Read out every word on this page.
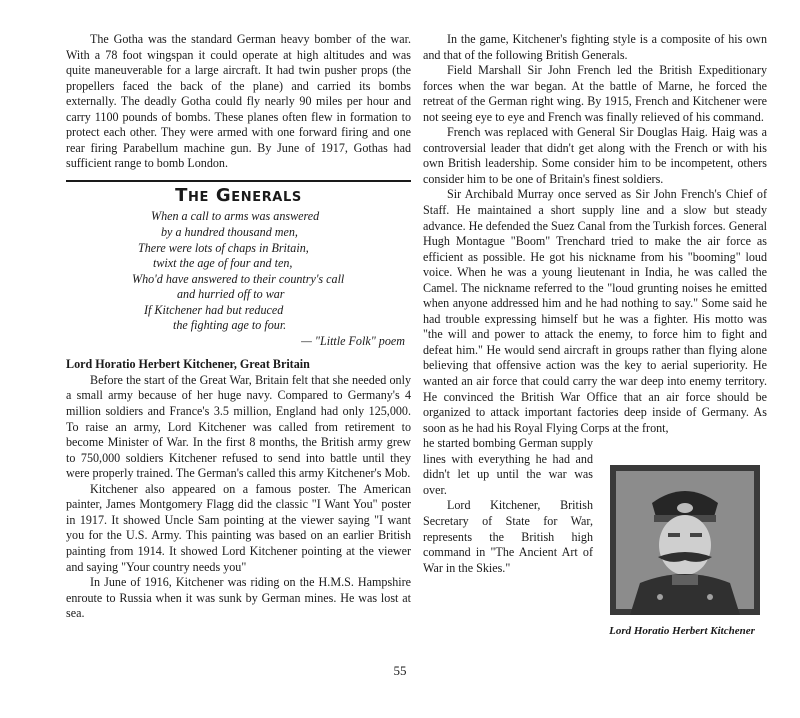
The Gotha was the standard German heavy bomber of the war. With a 78 foot wingspan it could operate at high altitudes and was quite maneuverable for a large aircraft. It had twin pusher props (the propellers faced the back of the plane) and carried its bombs externally. The deadly Gotha could fly nearly 90 miles per hour and carry 1100 pounds of bombs. These planes often flew in formation to protect each other. They were armed with one forward firing and one rear firing Parabellum machine gun. By June of 1917, Gothas had sufficient range to bomb London.

The Generals
When a call to arms was answered
by a hundred thousand men,
There were lots of chaps in Britain,
twixt the age of four and ten,
Who'd have answered to their country's call
and hurried off to war
If Kitchener had but reduced
the fighting age to four.
— "Little Folk" poem

Lord Horatio Herbert Kitchener, Great Britain

Before the start of the Great War, Britain felt that she needed only a small army because of her huge navy. Compared to Germany's 4 million soldiers and France's 3.5 million, England had only 125,000. To raise an army, Lord Kitchener was called from retirement to become Minister of War. In the first 8 months, the British army grew to 750,000 soldiers Kitchener refused to send into battle until they were properly trained. The German's called this army Kitchener's Mob.

Kitchener also appeared on a famous poster. The American painter, James Montgomery Flagg did the classic "I Want You" poster in 1917. It showed Uncle Sam pointing at the viewer saying "I want you for the U.S. Army. This painting was based on an earlier British painting from 1914. It showed Lord Kitchener pointing at the viewer and saying "Your country needs you"

In June of 1916, Kitchener was riding on the H.M.S. Hampshire enroute to Russia when it was sunk by German mines. He was lost at sea.

In the game, Kitchener's fighting style is a composite of his own and that of the following British Generals.

Field Marshall Sir John French led the British Expeditionary forces when the war began. At the battle of Marne, he forced the retreat of the German right wing. By 1915, French and Kitchener were not seeing eye to eye and French was finally relieved of his command.

French was replaced with General Sir Douglas Haig. Haig was a controversial leader that didn't get along with the French or with his own British leadership. Some consider him to be incompetent, others consider him to be one of Britain's finest soldiers.

Sir Archibald Murray once served as Sir John French's Chief of Staff. He maintained a short supply line and a slow but steady advance. He defended the Suez Canal from the Turkish forces. General Hugh Montague "Boom" Trenchard tried to make the air force as efficient as possible. He got his nickname from his "booming" loud voice. When he was a young lieutenant in India, he was called the Camel. The nickname referred to the "loud grunting noises he emitted when anyone addressed him and he had nothing to say." Some said he had trouble expressing himself but he was a fighter. His motto was "the will and power to attack the enemy, to force him to fight and defeat him." He would send aircraft in groups rather than flying alone believing that offensive action was the key to aerial superiority. He wanted an air force that could carry the war deep into enemy territory. He convinced the British War Office that an air force should be organized to attack important factories deep inside of Germany. As soon as he had his Royal Flying Corps at the front,

he started bombing German supply lines with everything he had and didn't let up until the war was over.

Lord Kitchener, British Secretary of State for War, represents the British high command in "The Ancient Art of War in the Skies."

Lord Horatio Herbert Kitchener
55
